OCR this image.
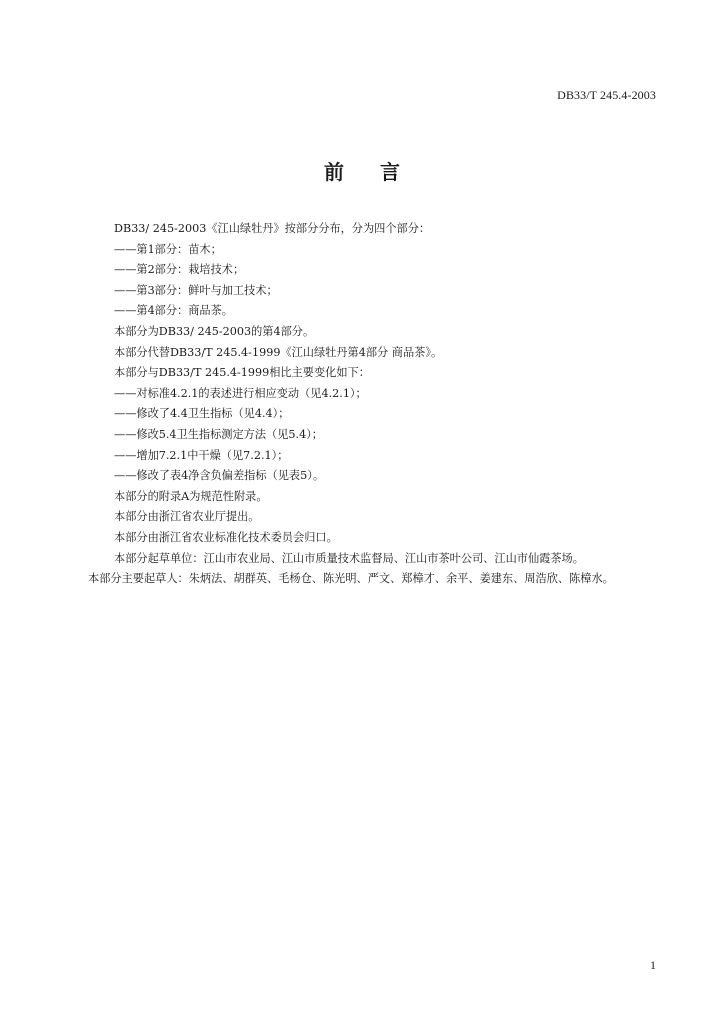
DB33/T 245.4-2003
前言

DB33/ 245-2003《江山绿牡丹》按部分分布，分为四个部分：

——第1部分：苗木；

——第2部分：栽培技术；

——第3部分：鲜叶与加工技术；

——第4部分：商品茶。

本部分为DB33/ 245-2003的第4部分。

本部分代替DB33/T 245.4-1999《江山绿牡丹第4部分 商品茶》。

本部分与DB33/T 245.4-1999相比主要变化如下：

——对标准4.2.1的表述进行相应变动（见4.2.1）；

——修改了4.4卫生指标（见4.4）；

——修改5.4卫生指标测定方法（见5.4）；

——增加7.2.1中干燥（见7.2.1）；

——修改了表4净含负偏差指标（见表5）。

本部分的附录A为规范性附录。

本部分由浙江省农业厅提出。

本部分由浙江省农业标准化技术委员会归口。

本部分起草单位：江山市农业局、江山市质量技术监督局、江山市茶叶公司、江山市仙霞茶场。

本部分主要起草人：朱炳法、胡群英、毛杨仓、陈光明、严文、郑樟才、余平、姜建东、周浩欣、陈樟水。

1
